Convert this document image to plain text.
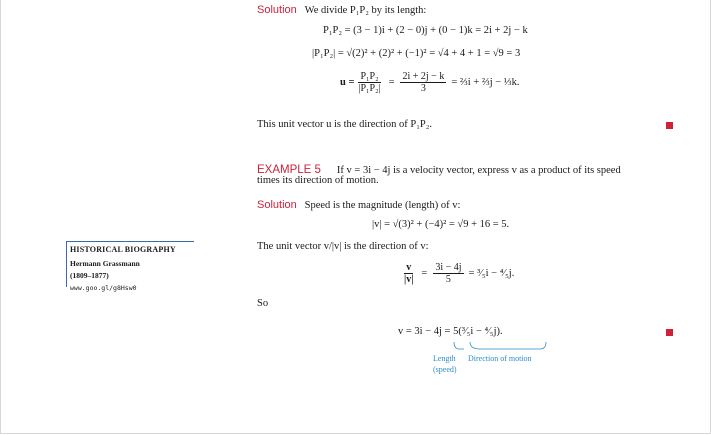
Solution We divide P₁P₂ by its length:
P₁P₂ = (3 − 1)i + (2 − 0)j + (0 − 1)k = 2i + 2j − k
|P₁P₂| = √(2)² + (2)² + (−1)² = √4 + 4 + 1 = √9 = 3
$u = \frac{\text{P₁P₂}}{\text{|P₁P₂|}} = \frac{2i + 2j - k}{3}$ = ⅔i + ⅔j − ⅓k.
This unit vector u is the direction of P₁P₂.
EXAMPLE 5 If v = 3i − 4j is a velocity vector, express v as a product of its speed
times its direction of motion.
Solution Speed is the magnitude (length) of v:
|v| = √(3)² + (−4)² = √9 + 16 = 5.
The unit vector v/|v| is the direction of v:
$\frac{v}{|v|} = \frac{3i - 4j}{5}$ = ³⁄₅i − ⁴⁄₅j.
So
v = 3i − 4j = 5(³⁄₅i − ⁴⁄₅j).
Length
(speed)
Direction of motion
HISTORICAL BIOGRAPHY
Hermann Grassmann
(1809–1877)
www.goo.gl/g8Hsw0
